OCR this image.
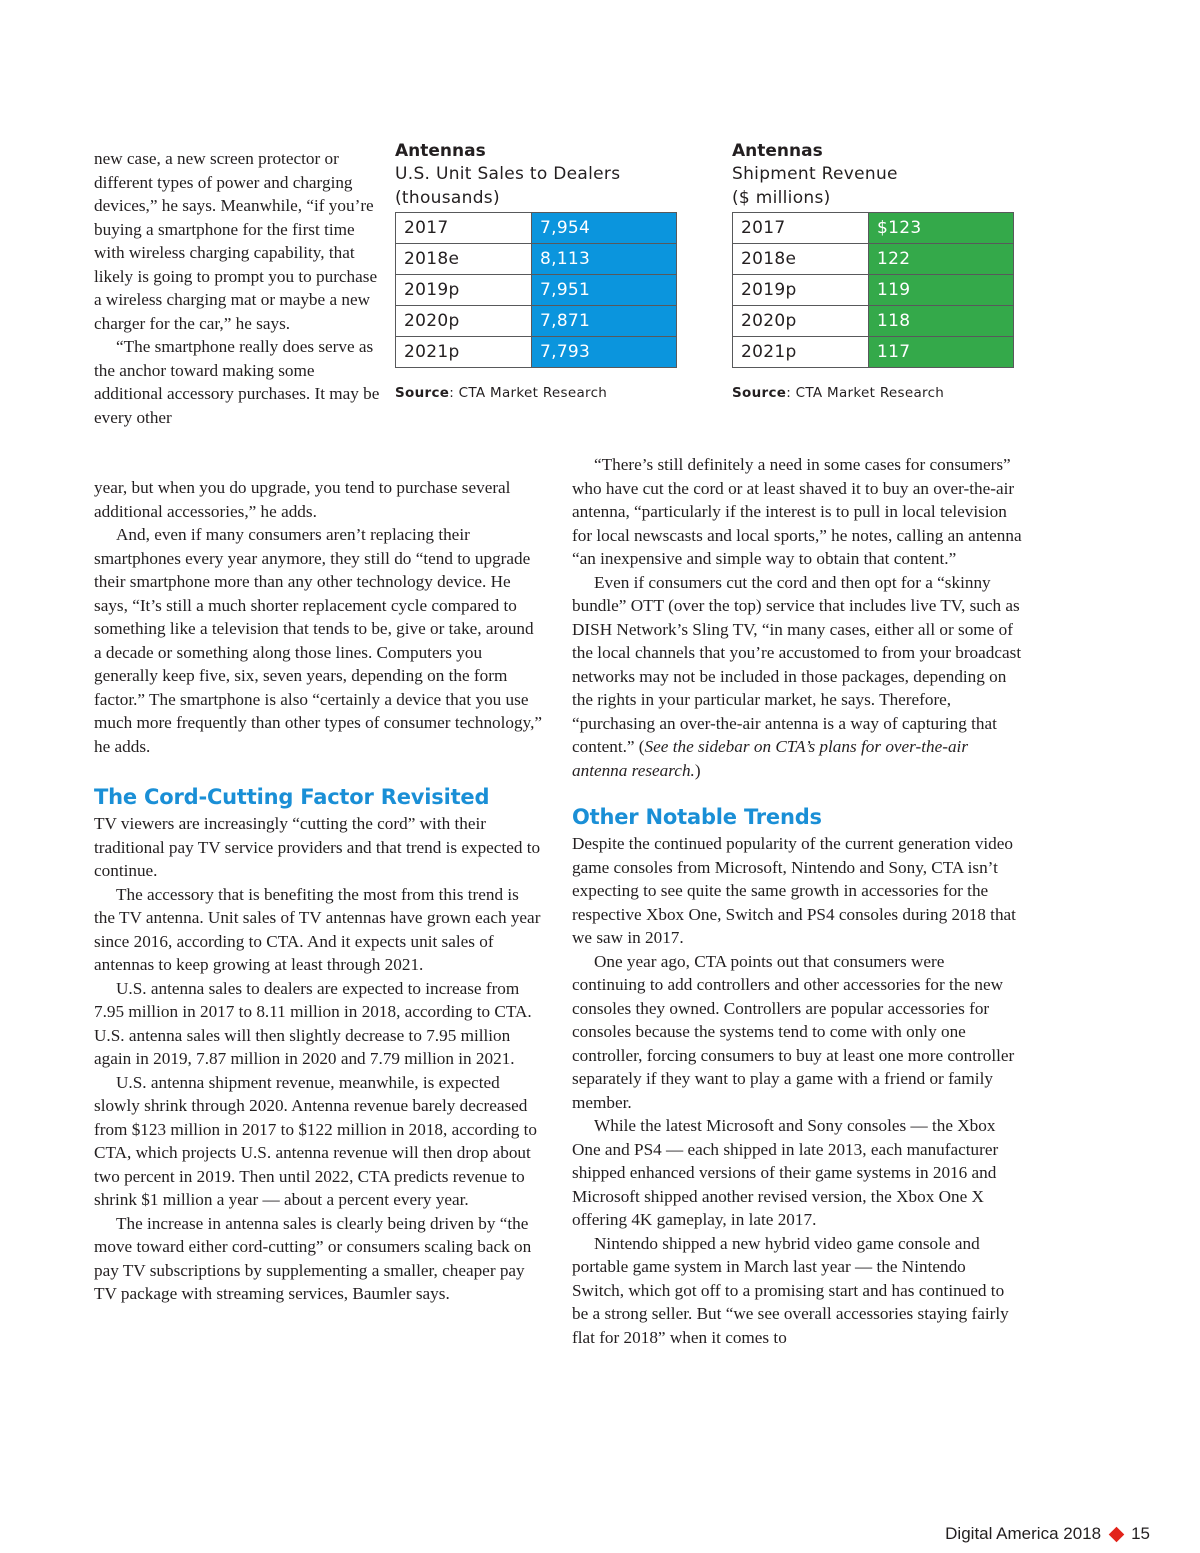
new case, a new screen protector or different types of power and charging devices,” he says. Meanwhile, “if you’re buying a smartphone for the first time with wireless charging capability, that likely is going to prompt you to purchase a wireless charging mat or maybe a new charger for the car,” he says.

“The smartphone really does serve as the anchor toward making some additional accessory purchases. It may be every other

Antennas
U.S. Unit Sales to Dealers
(thousands)
2017	7,954
2018e	8,113
2019p	7,951
2020p	7,871
2021p	7,793
Source: CTA Market Research
Antennas
Shipment Revenue
($ millions)
2017	$123
2018e	122
2019p	119
2020p	118
2021p	117
Source: CTA Market Research

year, but when you do upgrade, you tend to purchase several additional accessories,” he adds.

And, even if many consumers aren’t replacing their smartphones every year anymore, they still do “tend to upgrade their smartphone more than any other technology device. He says, “It’s still a much shorter replacement cycle compared to something like a television that tends to be, give or take, around a decade or something along those lines. Computers you generally keep five, six, seven years, depending on the form factor.” The smartphone is also “certainly a device that you use much more frequently than other types of consumer technology,” he adds.

The Cord-Cutting Factor Revisited

TV viewers are increasingly “cutting the cord” with their traditional pay TV service providers and that trend is expected to continue.

The accessory that is benefiting the most from this trend is the TV antenna. Unit sales of TV antennas have grown each year since 2016, according to CTA. And it expects unit sales of antennas to keep growing at least through 2021.

U.S. antenna sales to dealers are expected to increase from 7.95 million in 2017 to 8.11 million in 2018, according to CTA. U.S. antenna sales will then slightly decrease to 7.95 million again in 2019, 7.87 million in 2020 and 7.79 million in 2021.

U.S. antenna shipment revenue, meanwhile, is expected slowly shrink through 2020. Antenna revenue barely decreased from $123 million in 2017 to $122 million in 2018, according to CTA, which projects U.S. antenna revenue will then drop about two percent in 2019. Then until 2022, CTA predicts revenue to shrink $1 million a year — about a percent every year.

The increase in antenna sales is clearly being driven by “the move toward either cord-cutting” or consumers scaling back on pay TV subscriptions by supplementing a smaller, cheaper pay TV package with streaming services, Baumler says.

“There’s still definitely a need in some cases for consumers” who have cut the cord or at least shaved it to buy an over-the-air antenna, “particularly if the interest is to pull in local television for local newscasts and local sports,” he notes, calling an antenna “an inexpensive and simple way to obtain that content.”

Even if consumers cut the cord and then opt for a “skinny bundle” OTT (over the top) service that includes live TV, such as DISH Network’s Sling TV, “in many cases, either all or some of the local channels that you’re accustomed to from your broadcast networks may not be included in those packages, depending on the rights in your particular market, he says. Therefore, “purchasing an over-the-air antenna is a way of capturing that content.” (See the sidebar on CTA’s plans for over-the-air antenna research.)

Other Notable Trends

Despite the continued popularity of the current generation video game consoles from Microsoft, Nintendo and Sony, CTA isn’t expecting to see quite the same growth in accessories for the respective Xbox One, Switch and PS4 consoles during 2018 that we saw in 2017.

One year ago, CTA points out that consumers were continuing to add controllers and other accessories for the new consoles they owned. Controllers are popular accessories for consoles because the systems tend to come with only one controller, forcing consumers to buy at least one more controller separately if they want to play a game with a friend or family member.

While the latest Microsoft and Sony consoles — the Xbox One and PS4 — each shipped in late 2013, each manufacturer shipped enhanced versions of their game systems in 2016 and Microsoft shipped another revised version, the Xbox One X offering 4K gameplay, in late 2017.

Nintendo shipped a new hybrid video game console and portable game system in March last year — the Nintendo Switch, which got off to a promising start and has continued to be a strong seller. But “we see overall accessories staying fairly flat for 2018” when it comes to

Digital America 2018 15
